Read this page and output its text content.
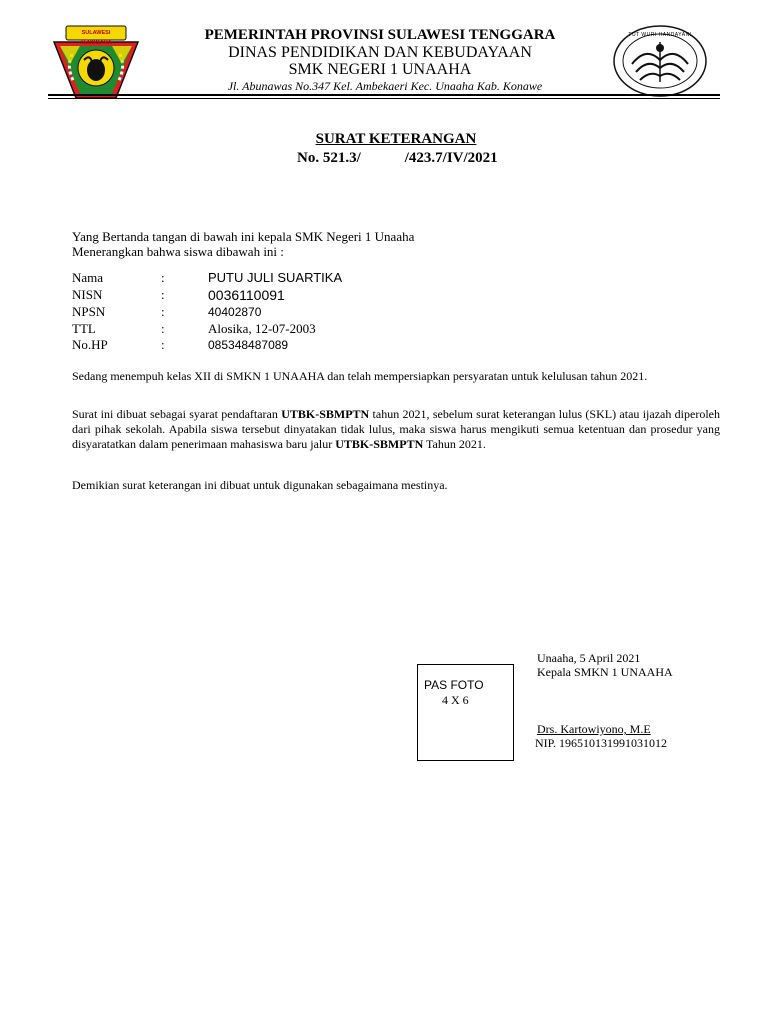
SULAWESI TENGGARA
TUT WURI HANDAYANI
PEMERINTAH PROVINSI SULAWESI TENGGARA
DINAS PENDIDIKAN DAN KEBUDAYAAN
SMK NEGERI 1 UNAAHA
Jl. Abunawas No.347 Kel. Ambekaeri Kec. Unaaha Kab. Konawe
SURAT KETERANGAN
No. 521.3/	/423.7/IV/2021
Yang Bertanda tangan di bawah ini kepala SMK Negeri 1 Unaaha
Menerangkan bahwa siswa dibawah ini :
Nama	:	PUTU JULI SUARTIKA
NISN	:	0036110091
NPSN	:	40402870
TTL	:	Alosika, 12-07-2003
No.HP	:	085348487089
Sedang menempuh kelas XII di SMKN 1 UNAAHA dan telah mempersiapkan persyaratan untuk kelulusan tahun 2021.
Surat ini dibuat sebagai syarat pendaftaran UTBK-SBMPTN tahun 2021, sebelum surat keterangan lulus (SKL) atau ijazah diperoleh dari pihak sekolah. Apabila siswa tersebut dinyatakan tidak lulus, maka siswa harus mengikuti semua ketentuan dan prosedur yang disyaratatkan dalam penerimaan mahasiswa baru jalur UTBK-SBMPTN Tahun 2021.
Demikian surat keterangan ini dibuat untuk digunakan sebagaimana mestinya.
PAS FOTO
4 X 6
Unaaha, 5 April 2021
Kepala SMKN 1 UNAAHA
Drs. Kartowiyono, M.E
NIP. 196510131991031012
